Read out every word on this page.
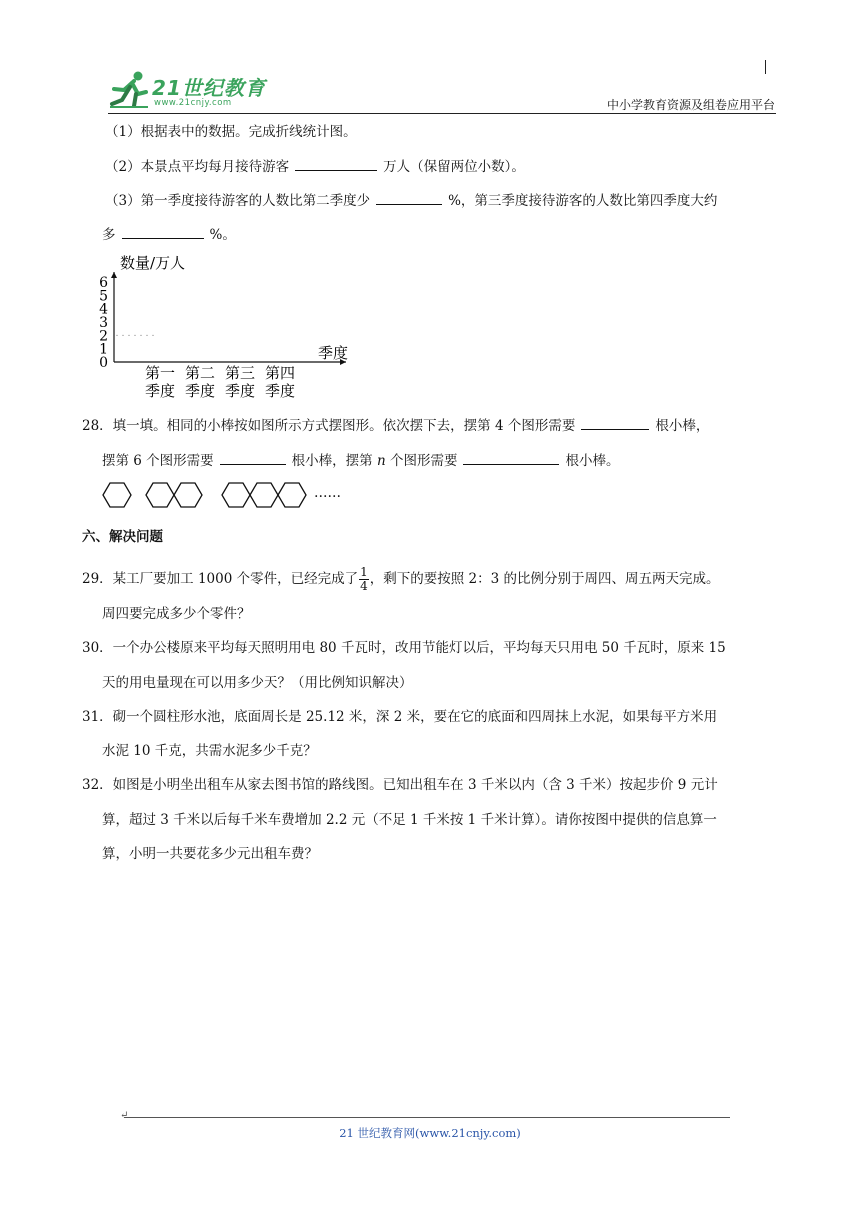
21世纪教育
www.21cnjy.com	中小学教育资源及组卷应用平台
（1）根据表中的数据。完成折线统计图。
（2）本景点平均每月接待游客	万人（保留两位小数）。
（3）第一季度接待游客的人数比第二季度少	%，第三季度接待游客的人数比第四季度大约
多	%。
数量/万人
季度
0
1
2
3
4
5
6
第一
季度
第二
季度
第三
季度
第四
季度
28．填一填。相同的小棒按如图所示方式摆图形。依次摆下去，摆第 4 个图形需要	根小棒，
摆第 6 个图形需要	根小棒，摆第 n 个图形需要	根小棒。
……
六、解决问题
29．某工厂要加工 1000 个零件，已经完成了 $\frac{1}{4}$ ，剩下的要按照 2：3 的比例分别于周四、周五两天完成。
周四要完成多少个零件？
30．一个办公楼原来平均每天照明用电 80 千瓦时，改用节能灯以后，平均每天只用电 50 千瓦时，原来 15
天的用电量现在可以用多少天？（用比例知识解决）
31．砌一个圆柱形水池，底面周长是 25.12 米，深 2 米，要在它的底面和四周抹上水泥，如果每平方米用
水泥 10 千克，共需水泥多少千克？
32．如图是小明坐出租车从家去图书馆的路线图。已知出租车在 3 千米以内（含 3 千米）按起步价 9 元计
算，超过 3 千米以后每千米车费增加 2.2 元（不足 1 千米按 1 千米计算）。请你按图中提供的信息算一
算，小明一共要花多少元出租车费？
↵
21 世纪教育网(www.21cnjy.com)
